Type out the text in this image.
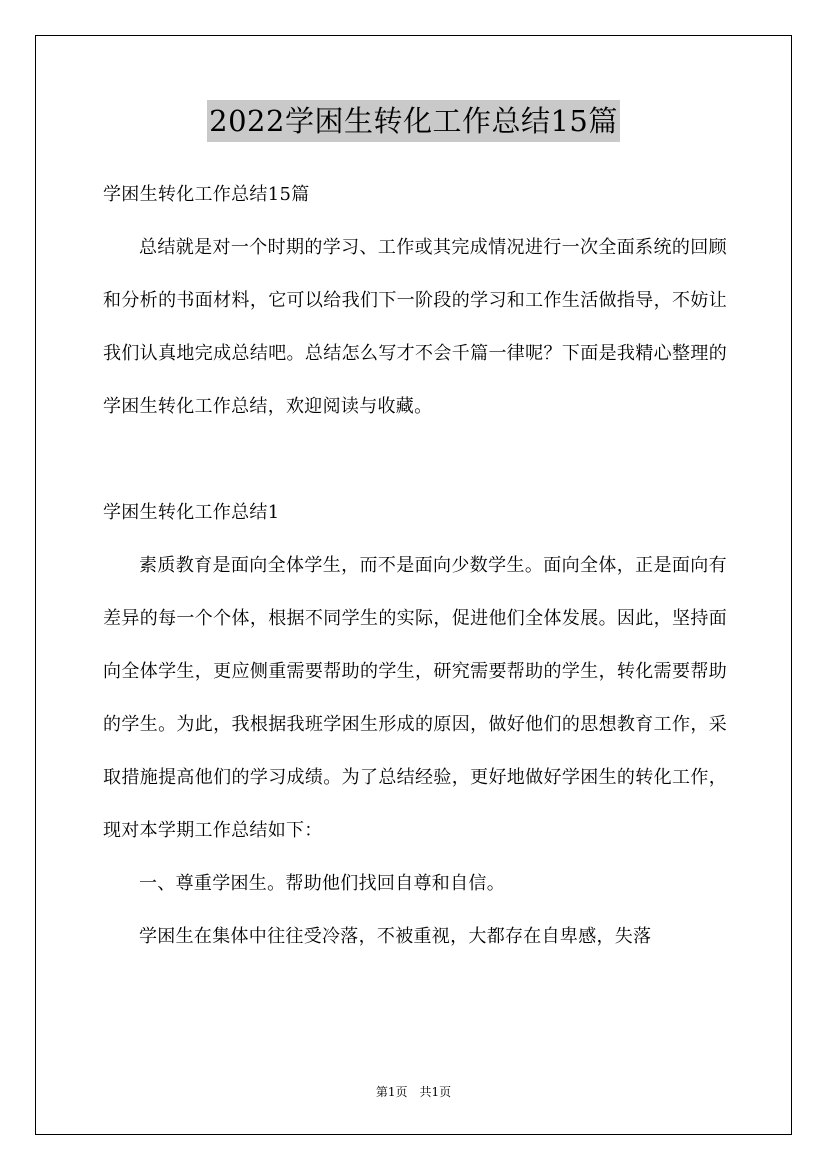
2022学困生转化工作总结15篇

学困生转化工作总结15篇

总结就是对一个时期的学习、工作或其完成情况进行一次全面系统的回顾和分析的书面材料，它可以给我们下一阶段的学习和工作生活做指导，不妨让我们认真地完成总结吧。总结怎么写才不会千篇一律呢？下面是我精心整理的学困生转化工作总结，欢迎阅读与收藏。

学困生转化工作总结1

素质教育是面向全体学生，而不是面向少数学生。面向全体，正是面向有差异的每一个个体，根据不同学生的实际，促进他们全体发展。因此，坚持面向全体学生，更应侧重需要帮助的学生，研究需要帮助的学生，转化需要帮助的学生。为此，我根据我班学困生形成的原因，做好他们的思想教育工作，采取措施提高他们的学习成绩。为了总结经验，更好地做好学困生的转化工作，现对本学期工作总结如下：

一、尊重学困生。帮助他们找回自尊和自信。

学困生在集体中往往受冷落，不被重视，大都存在自卑感，失落

第1页 共1页
